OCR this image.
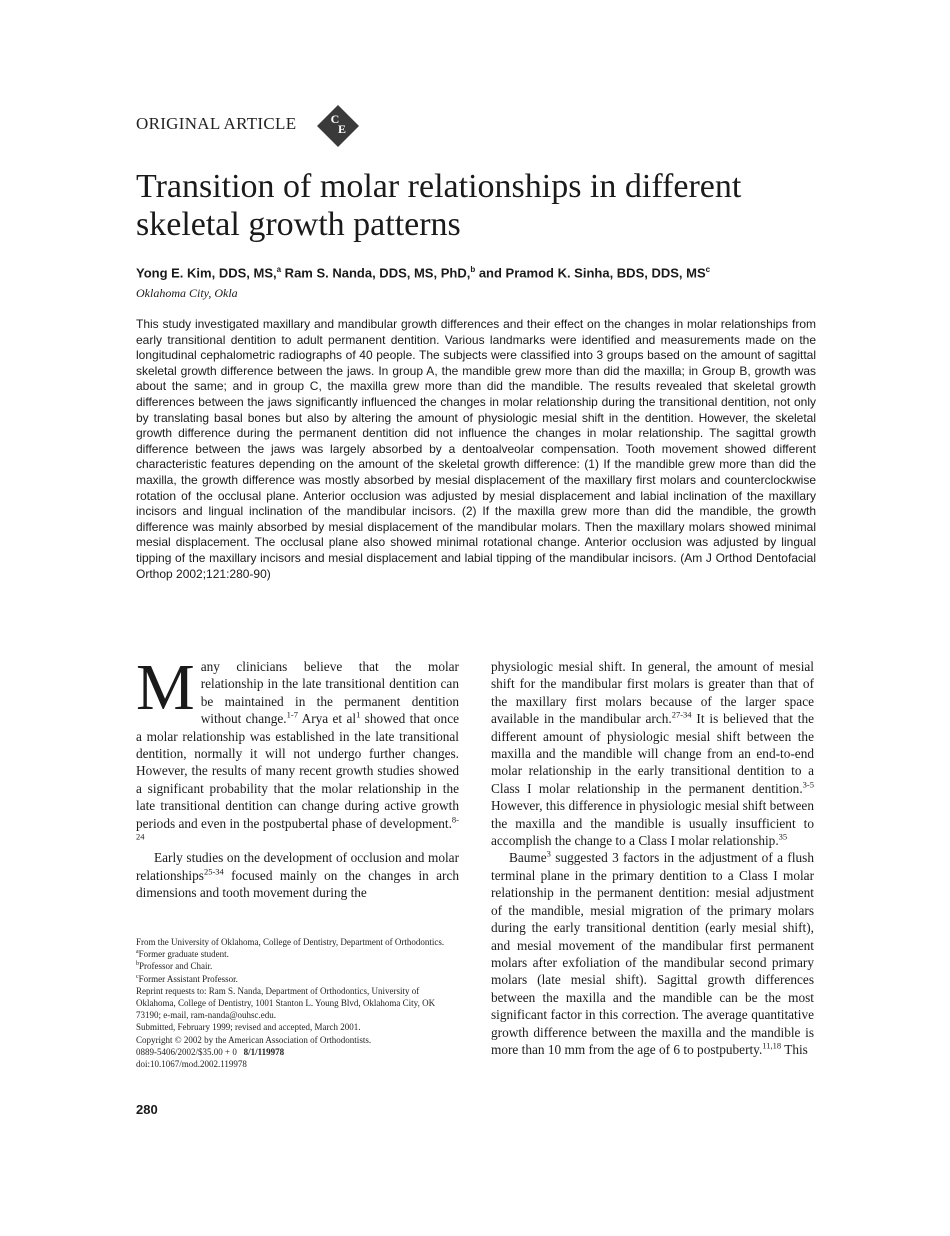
ORIGINAL ARTICLE	C
E
Transition of molar relationships in different skeletal growth patterns
Yong E. Kim, DDS, MS,$^a$ Ram S. Nanda, DDS, MS, PhD,$^b$ and Pramod K. Sinha, BDS, DDS, $MS^c$
Oklahoma City, Okla

This study investigated maxillary and mandibular growth differences and their effect on the changes in molar relationships from early transitional dentition to adult permanent dentition. Various landmarks were identified and measurements made on the longitudinal cephalometric radiographs of 40 people. The subjects were classified into 3 groups based on the amount of sagittal skeletal growth difference between the jaws. In group A, the mandible grew more than did the maxilla; in Group B, growth was about the same; and in group C, the maxilla grew more than did the mandible. The results revealed that skeletal growth differences between the jaws significantly influenced the changes in molar relationship during the transitional dentition, not only by translating basal bones but also by altering the amount of physiologic mesial shift in the dentition. However, the skeletal growth difference during the permanent dentition did not influence the changes in molar relationship. The sagittal growth difference between the jaws was largely absorbed by a dentoalveolar compensation. Tooth movement showed different characteristic features depending on the amount of the skeletal growth difference: (1) If the mandible grew more than did the maxilla, the growth difference was mostly absorbed by mesial displacement of the maxillary first molars and counterclockwise rotation of the occlusal plane. Anterior occlusion was adjusted by mesial displacement and labial inclination of the maxillary incisors and lingual inclination of the mandibular incisors. (2) If the maxilla grew more than did the mandible, the growth difference was mainly absorbed by mesial displacement of the mandibular molars. Then the maxillary molars showed minimal mesial displacement. The occlusal plane also showed minimal rotational change. Anterior occlusion was adjusted by lingual tipping of the maxillary incisors and mesial displacement and labial tipping of the mandibular incisors. (Am J Orthod Dentofacial Orthop 2002;121:280-90)

Many clinicians believe that the molar relationship in the late transitional dentition can be maintained in the permanent dentition without change.$^{1-7}$ Arya et $al^1$ showed that once a molar relationship was established in the late transitional dentition, normally it will not undergo further changes. However, the results of many recent growth studies showed a significant probability that the molar relationship in the late transitional dentition can change during active growth periods and even in the postpubertal phase of development.$^{8-24}$

Early studies on the development of occlusion and molar relationships$^{25-34}$ focused mainly on the changes in arch dimensions and tooth movement during the

From the University of Oklahoma, College of Dentistry, Department of Orthodontics.
$^a$Former graduate student.
$^b$Professor and Chair.
$^c$Former Assistant Professor.
Reprint requests to: Ram S. Nanda, Department of Orthodontics, University of Oklahoma, College of Dentistry, 1001 Stanton L. Young Blvd, Oklahoma City, OK 73190; e-mail, ram-nanda@ouhsc.edu.
Submitted, February 1999; revised and accepted, March 2001.
Copyright © 2002 by the American Association of Orthodontists.
0889-5406/2002/$35.00 + 0 8/1/119978
doi:10.1067/mod.2002.119978

physiologic mesial shift. In general, the amount of mesial shift for the mandibular first molars is greater than that of the maxillary first molars because of the larger space available in the mandibular arch.$^{27-34}$ It is believed that the different amount of physiologic mesial shift between the maxilla and the mandible will change from an end-to-end molar relationship in the early transitional dentition to a Class I molar relationship in the permanent dentition.$^{3-5}$ However, this difference in physiologic mesial shift between the maxilla and the mandible is usually insufficient to accomplish the change to a Class I molar relationship.$^{35}$

Baume$^3$ suggested 3 factors in the adjustment of a flush terminal plane in the primary dentition to a Class I molar relationship in the permanent dentition: mesial adjustment of the mandible, mesial migration of the primary molars during the early transitional dentition (early mesial shift), and mesial movement of the mandibular first permanent molars after exfoliation of the mandibular second primary molars (late mesial shift). Sagittal growth differences between the maxilla and the mandible can be the most significant factor in this correction. The average quantitative growth difference between the maxilla and the mandible is more than 10 mm from the age of 6 to postpuberty.$^{11,18}$ This

280
